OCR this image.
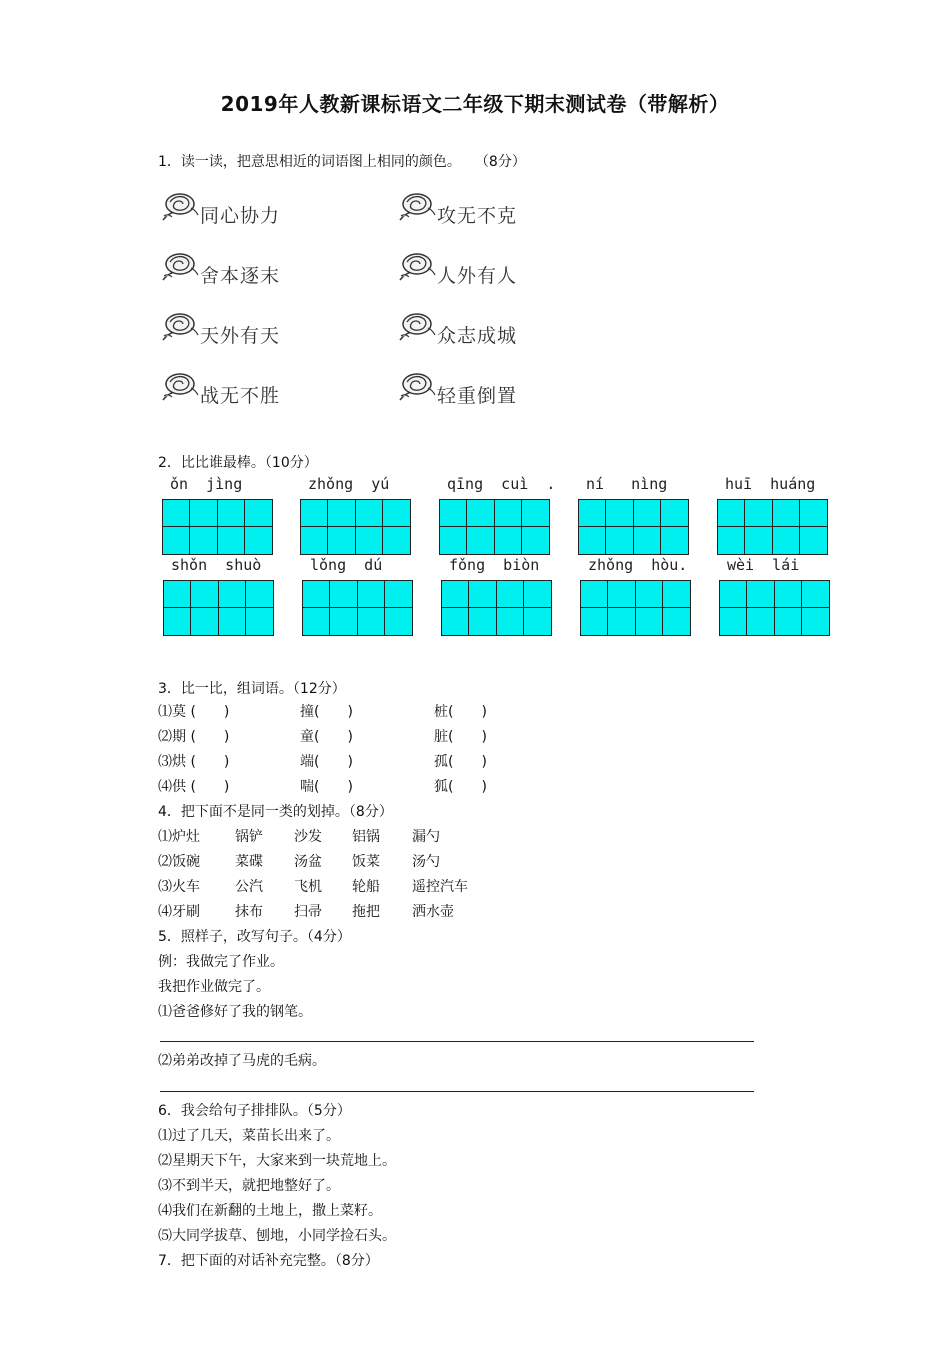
2019年人教新课标语文二年级下期末测试卷（带解析）
1．读一读，把意思相近的词语图上相同的颜色。　　（8分）
同心协力
舍本逐末
天外有天
战无不胜
攻无不克
人外有人
众志成城
轻重倒置
2．比比谁最棒。（10分）
ǒn  jìng	zhǒng  yú	qīng  cuì  . ní   nìng	huī  huáng
shǒn  shuò	lǒng  dú	fǒng  biòn	zhǒng  hòu.	wèi  lái
3．比一比，组词语。（12分）
⑴莫 (　　)	撞(　　)	桩(　　)
⑵期 (　　)	童(　　)	脏(　　)
⑶烘 (　　)	端(　　)	孤(　　)
⑷供 (　　)	喘(　　)	狐(　　)
4．把下面不是同一类的划掉。（8分）
⑴炉灶	锅铲 沙发 铝锅 漏勺
⑵饭碗	菜碟 汤盆 饭菜 汤勺
⑶火车	公汽 飞机 轮船 遥控汽车
⑷牙刷	抹布 扫帚 拖把 洒水壶
5．照样子，改写句子。（4分）
例：我做完了作业。
我把作业做完了。
⑴爸爸修好了我的钢笔。
⑵弟弟改掉了马虎的毛病。
6．我会给句子排排队。（5分）
⑴过了几天，菜苗长出来了。
⑵星期天下午，大家来到一块荒地上。
⑶不到半天，就把地整好了。
⑷我们在新翻的土地上，撒上菜籽。
⑸大同学拔草、刨地，小同学捡石头。
7．把下面的对话补充完整。（8分）
